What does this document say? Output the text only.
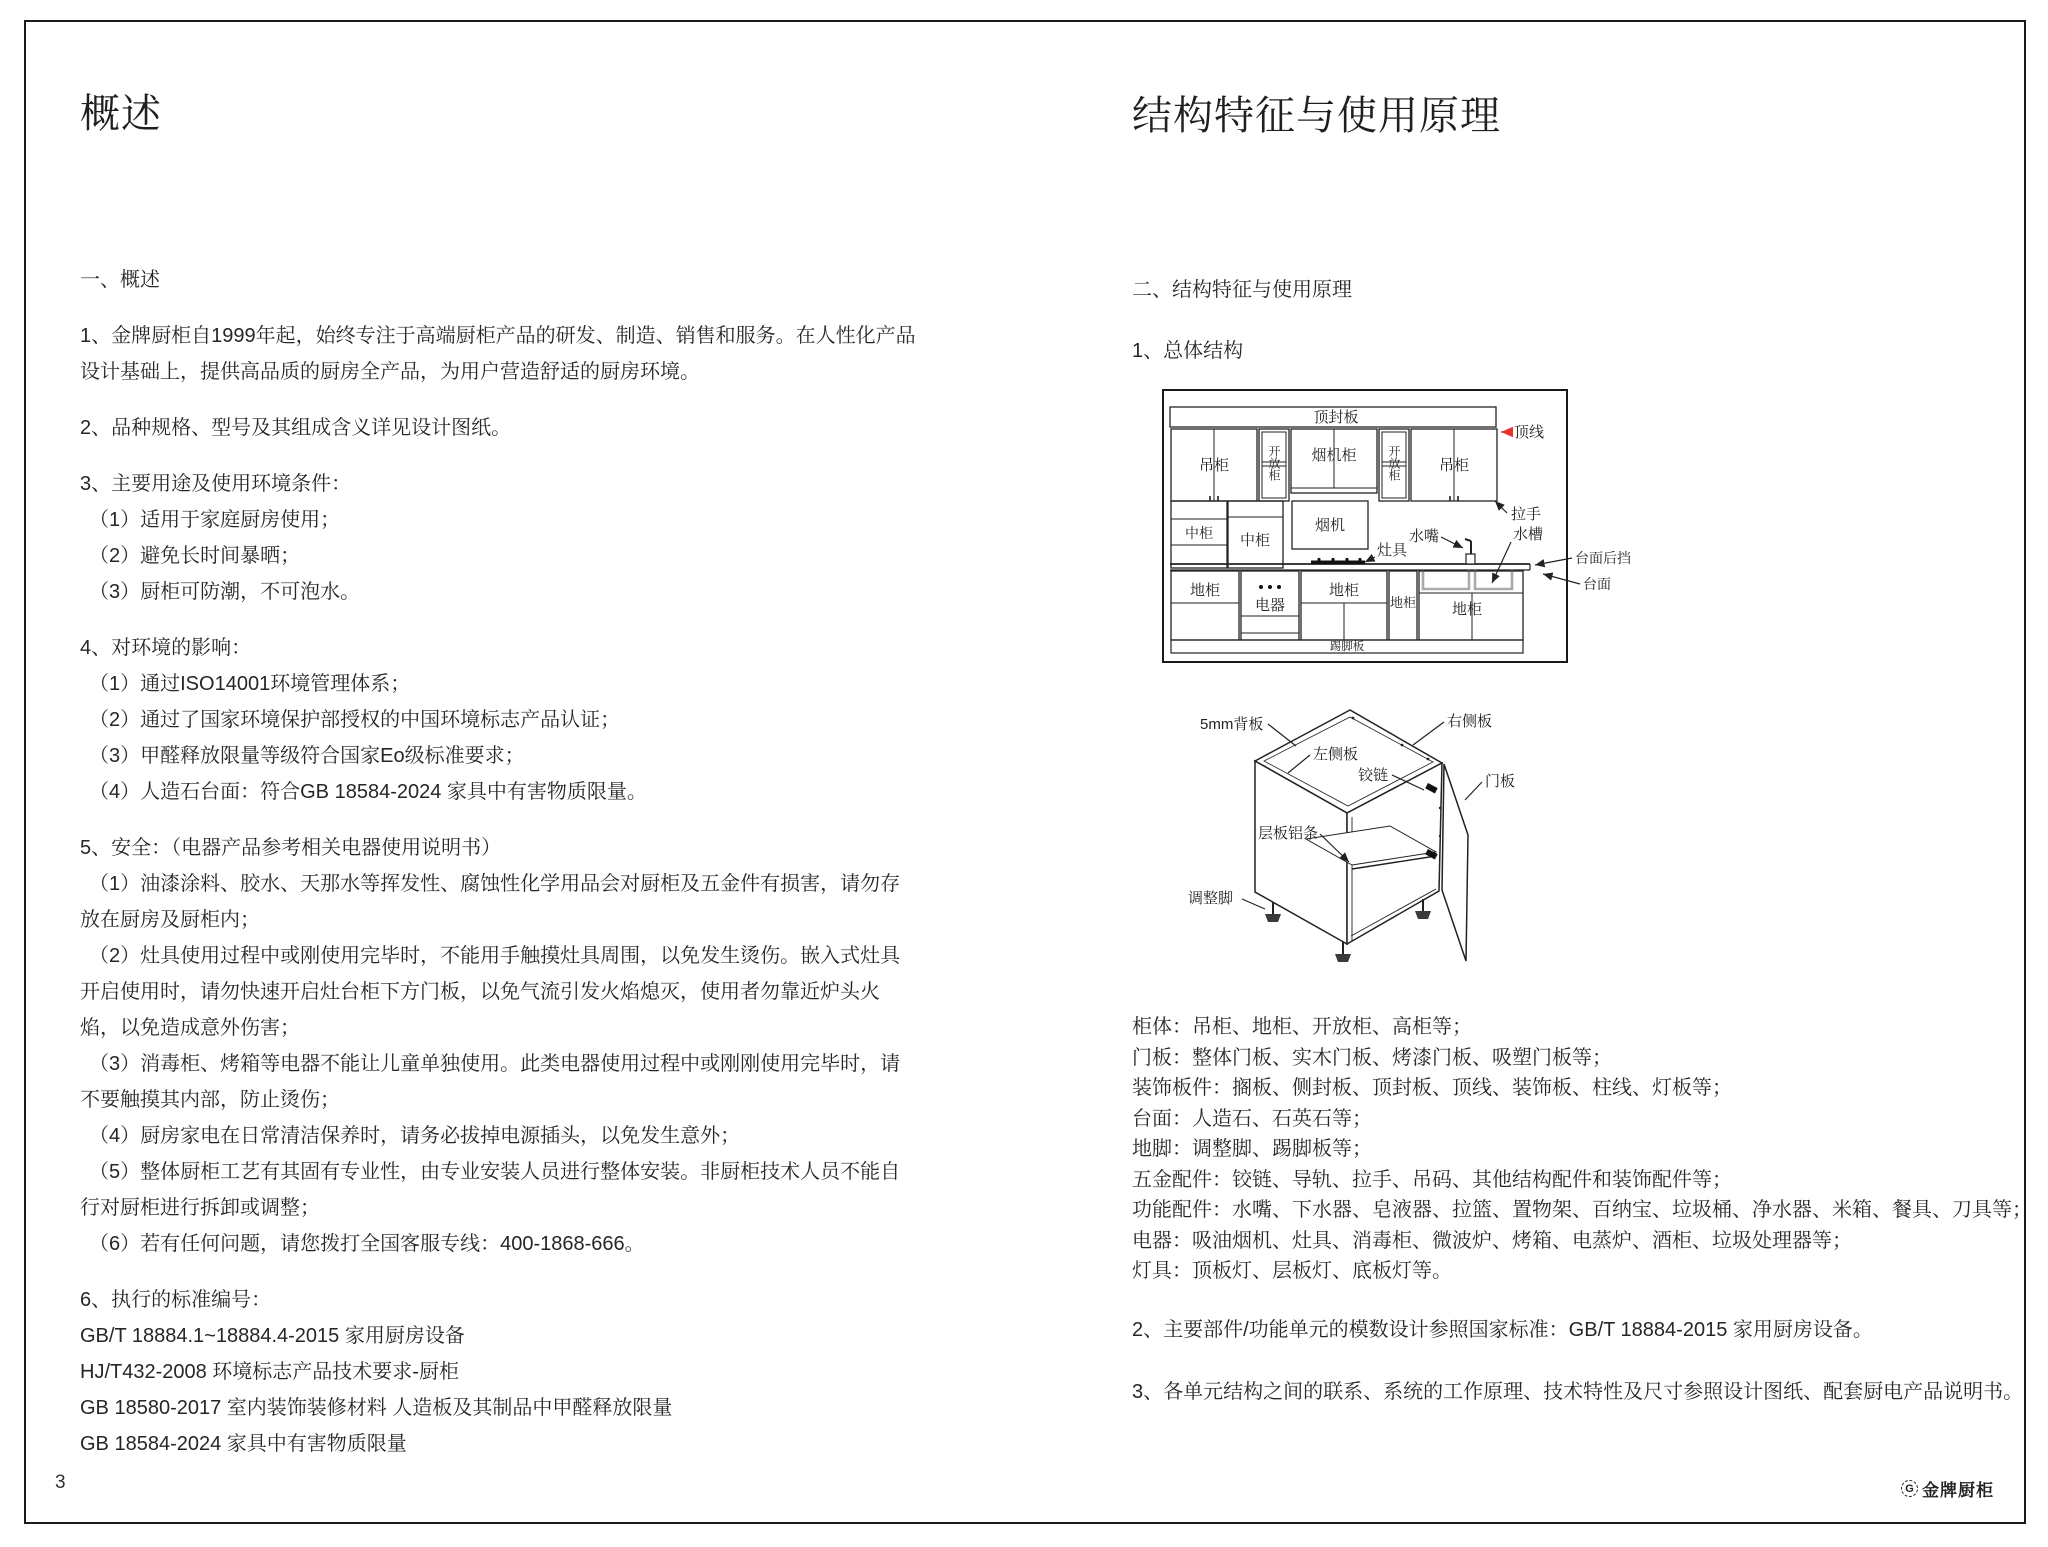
概述

一、概述

1、金牌厨柜自1999年起，始终专注于高端厨柜产品的研发、制造、销售和服务。在人性化产品设计基础上，提供高品质的厨房全产品，为用户营造舒适的厨房环境。

2、品种规格、型号及其组成含义详见设计图纸。

3、主要用途及使用环境条件：

（1）适用于家庭厨房使用；

（2）避免长时间暴晒；

（3）厨柜可防潮，不可泡水。

4、对环境的影响：

（1）通过ISO14001环境管理体系；

（2）通过了国家环境保护部授权的中国环境标志产品认证；

（3）甲醛释放限量等级符合国家Eo级标准要求；

（4）人造石台面：符合GB 18584-2024 家具中有害物质限量。

5、安全：（电器产品参考相关电器使用说明书）

（1）油漆涂料、胶水、天那水等挥发性、腐蚀性化学用品会对厨柜及五金件有损害，请勿存放在厨房及厨柜内；

（2）灶具使用过程中或刚使用完毕时，不能用手触摸灶具周围，以免发生烫伤。嵌入式灶具开启使用时，请勿快速开启灶台柜下方门板，以免气流引发火焰熄灭，使用者勿靠近炉头火焰，以免造成意外伤害；

（3）消毒柜、烤箱等电器不能让儿童单独使用。此类电器使用过程中或刚刚使用完毕时，请不要触摸其内部，防止烫伤；

（4）厨房家电在日常清洁保养时，请务必拔掉电源插头，以免发生意外；

（5）整体厨柜工艺有其固有专业性，由专业安装人员进行整体安装。非厨柜技术人员不能自行对厨柜进行拆卸或调整；

（6）若有任何问题，请您拨打全国客服专线：400-1868-666。

6、执行的标准编号：

GB/T 18884.1~18884.4-2015 家用厨房设备

HJ/T432-2008 环境标志产品技术要求-厨柜

GB 18580-2017 室内装饰装修材料 人造板及其制品中甲醛释放限量

GB 18584-2024 家具中有害物质限量

结构特征与使用原理

二、结构特征与使用原理

1、总体结构

顶封板
吊柜	开放柜 烟机柜	开放柜	吊柜
顶线
拉手
中柜 中柜
烟机
灶具
水嘴	水槽
台面后挡
台面
地柜
电器
地柜
地柜 地柜
踢脚板
5mm背板	右侧板
左侧板
铰链	门板
层板铝条
调整脚

柜体：吊柜、地柜、开放柜、高柜等；

门板：整体门板、实木门板、烤漆门板、吸塑门板等；

装饰板件：搁板、侧封板、顶封板、顶线、装饰板、柱线、灯板等；

台面：人造石、石英石等；

地脚：调整脚、踢脚板等；

五金配件：铰链、导轨、拉手、吊码、其他结构配件和装饰配件等；

功能配件：水嘴、下水器、皂液器、拉篮、置物架、百纳宝、垃圾桶、净水器、米箱、餐具、刀具等；

电器：吸油烟机、灶具、消毒柜、微波炉、烤箱、电蒸炉、酒柜、垃圾处理器等；

灯具：顶板灯、层板灯、底板灯等。

2、主要部件/功能单元的模数设计参照国家标准：GB/T 18884-2015 家用厨房设备。

3、各单元结构之间的联系、系统的工作原理、技术特性及尺寸参照设计图纸、配套厨电产品说明书。

3	G 金牌厨柜
